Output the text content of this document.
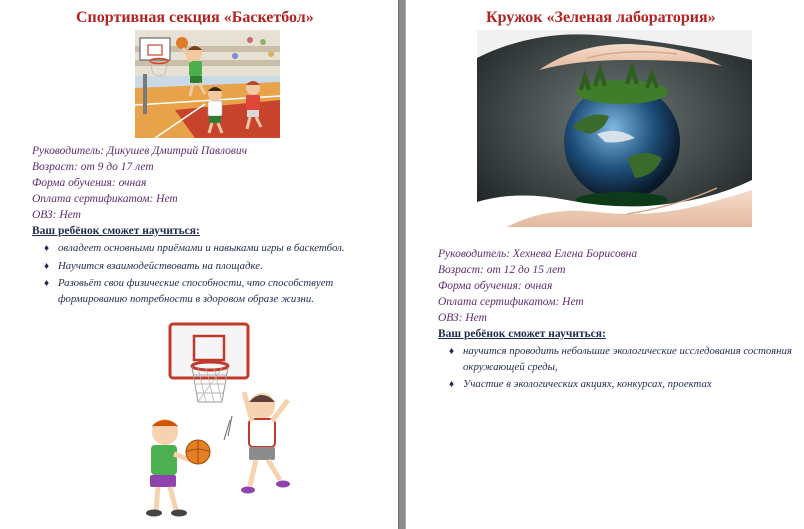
Спортивная секция «Баскетбол»
Руководитель: Дикушев Дмитрий Павлович
Возраст: от 9 до 17 лет
Форма обучения: очная
Оплата сертификатом: Нет
ОВЗ: Нет
Ваш ребёнок сможет научиться:
♦ овладеет основными приёмами и навыками игры в баскетбол.
♦ Научится взаимодействовать на площадке.
♦ Разовьёт свои физические способности, что способствует формированию потребности в здоровом образе жизни.
Кружок «Зеленая лаборатория»
Руководитель: Хехнева Елена Борисовна
Возраст: от 12 до 15 лет
Форма обучения: очная
Оплата сертификатом: Нет
ОВЗ: Нет
Ваш ребёнок сможет научиться:
♦ научится проводить небольшие экологические исследования состояния окружающей среды,
♦ Участие в экологических акциях, конкурсах, проектах
